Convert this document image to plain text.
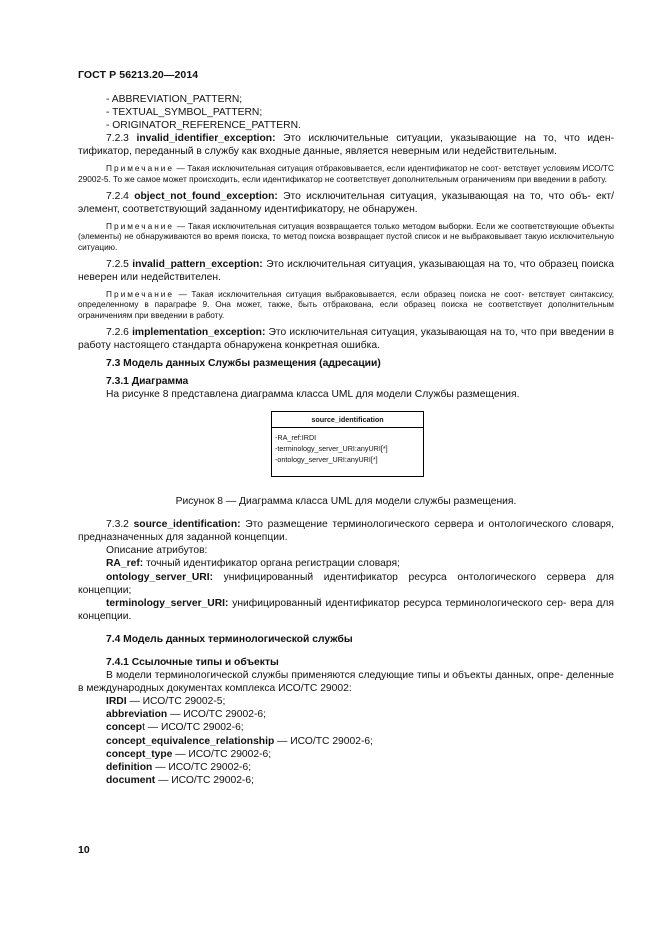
ГОСТ Р 56213.20—2014

- ABBREVIATION_PATTERN;

- TEXTUAL_SYMBOL_PATTERN;

- ORIGINATOR_REFERENCE_PATTERN.

7.2.3 invalid_identifier_exception: Это исключительные ситуации, указывающие на то, что иден- тификатор, переданный в службу как входные данные, является неверным или недействительным.

Примечание — Такая исключительная ситуация отбраковывается, если идентификатор не соот- ветствует условиям ИСО/ТС 29002-5. То же самое может происходить, если идентификатор не соответствует дополнительным ограничениям при введении в работу.

7.2.4 object_not_found_exception: Это исключительная ситуация, указывающая на то, что объ- ект/элемент, соответствующий заданному идентификатору, не обнаружен.

Примечание — Такая исключительная ситуация возвращается только методом выборки. Если же соответствующие объекты (элементы) не обнаруживаются во время поиска, то метод поиска возвращает пустой список и не выбраковывает такую исключительную ситуацию.

7.2.5 invalid_pattern_exception: Это исключительная ситуация, указывающая на то, что образец поиска неверен или недействителен.

Примечание — Такая исключительная ситуация выбраковывается, если образец поиска не соот- ветствует синтаксису, определенному в параграфе 9. Она может, также, быть отбракована, если образец поиска не соответствует дополнительным ограничениям при введении в работу.

7.2.6 implementation_exception: Это исключительная ситуация, указывающая на то, что при введении в работу настоящего стандарта обнаружена конкретная ошибка.

7.3 Модель данных Службы размещения (адресации)

7.3.1 Диаграмма

На рисунке 8 представлена диаграмма класса UML для модели Службы размещения.

source_identification
-RA_ref:IRDI
-terminology_server_URI:anyURI[*]
-ontology_server_URI:anyURI[*]

Рисунок 8 — Диаграмма класса UML для модели службы размещения.

7.3.2 source_identification: Это размещение терминологического сервера и онтологического словаря, предназначенных для заданной концепции.

Описание атрибутов:

RA_ref: точный идентификатор органа регистрации словаря;

ontology_server_URI: унифицированный идентификатор ресурса онтологического сервера для концепции;

terminology_server_URI: унифицированный идентификатор ресурса терминологического сер- вера для концепции.

7.4 Модель данных терминологической службы

7.4.1 Ссылочные типы и объекты

В модели терминологической службы применяются следующие типы и объекты данных, опре- деленные в международных документах комплекса ИСО/ТС 29002:

IRDI — ИСО/ТС 29002-5;

abbreviation — ИСО/ТС 29002-6;

concept — ИСО/ТС 29002-6;

concept_equivalence_relationship — ИСО/ТС 29002-6;

concept_type — ИСО/ТС 29002-6;

definition — ИСО/ТС 29002-6;

document — ИСО/ТС 29002-6;

10
